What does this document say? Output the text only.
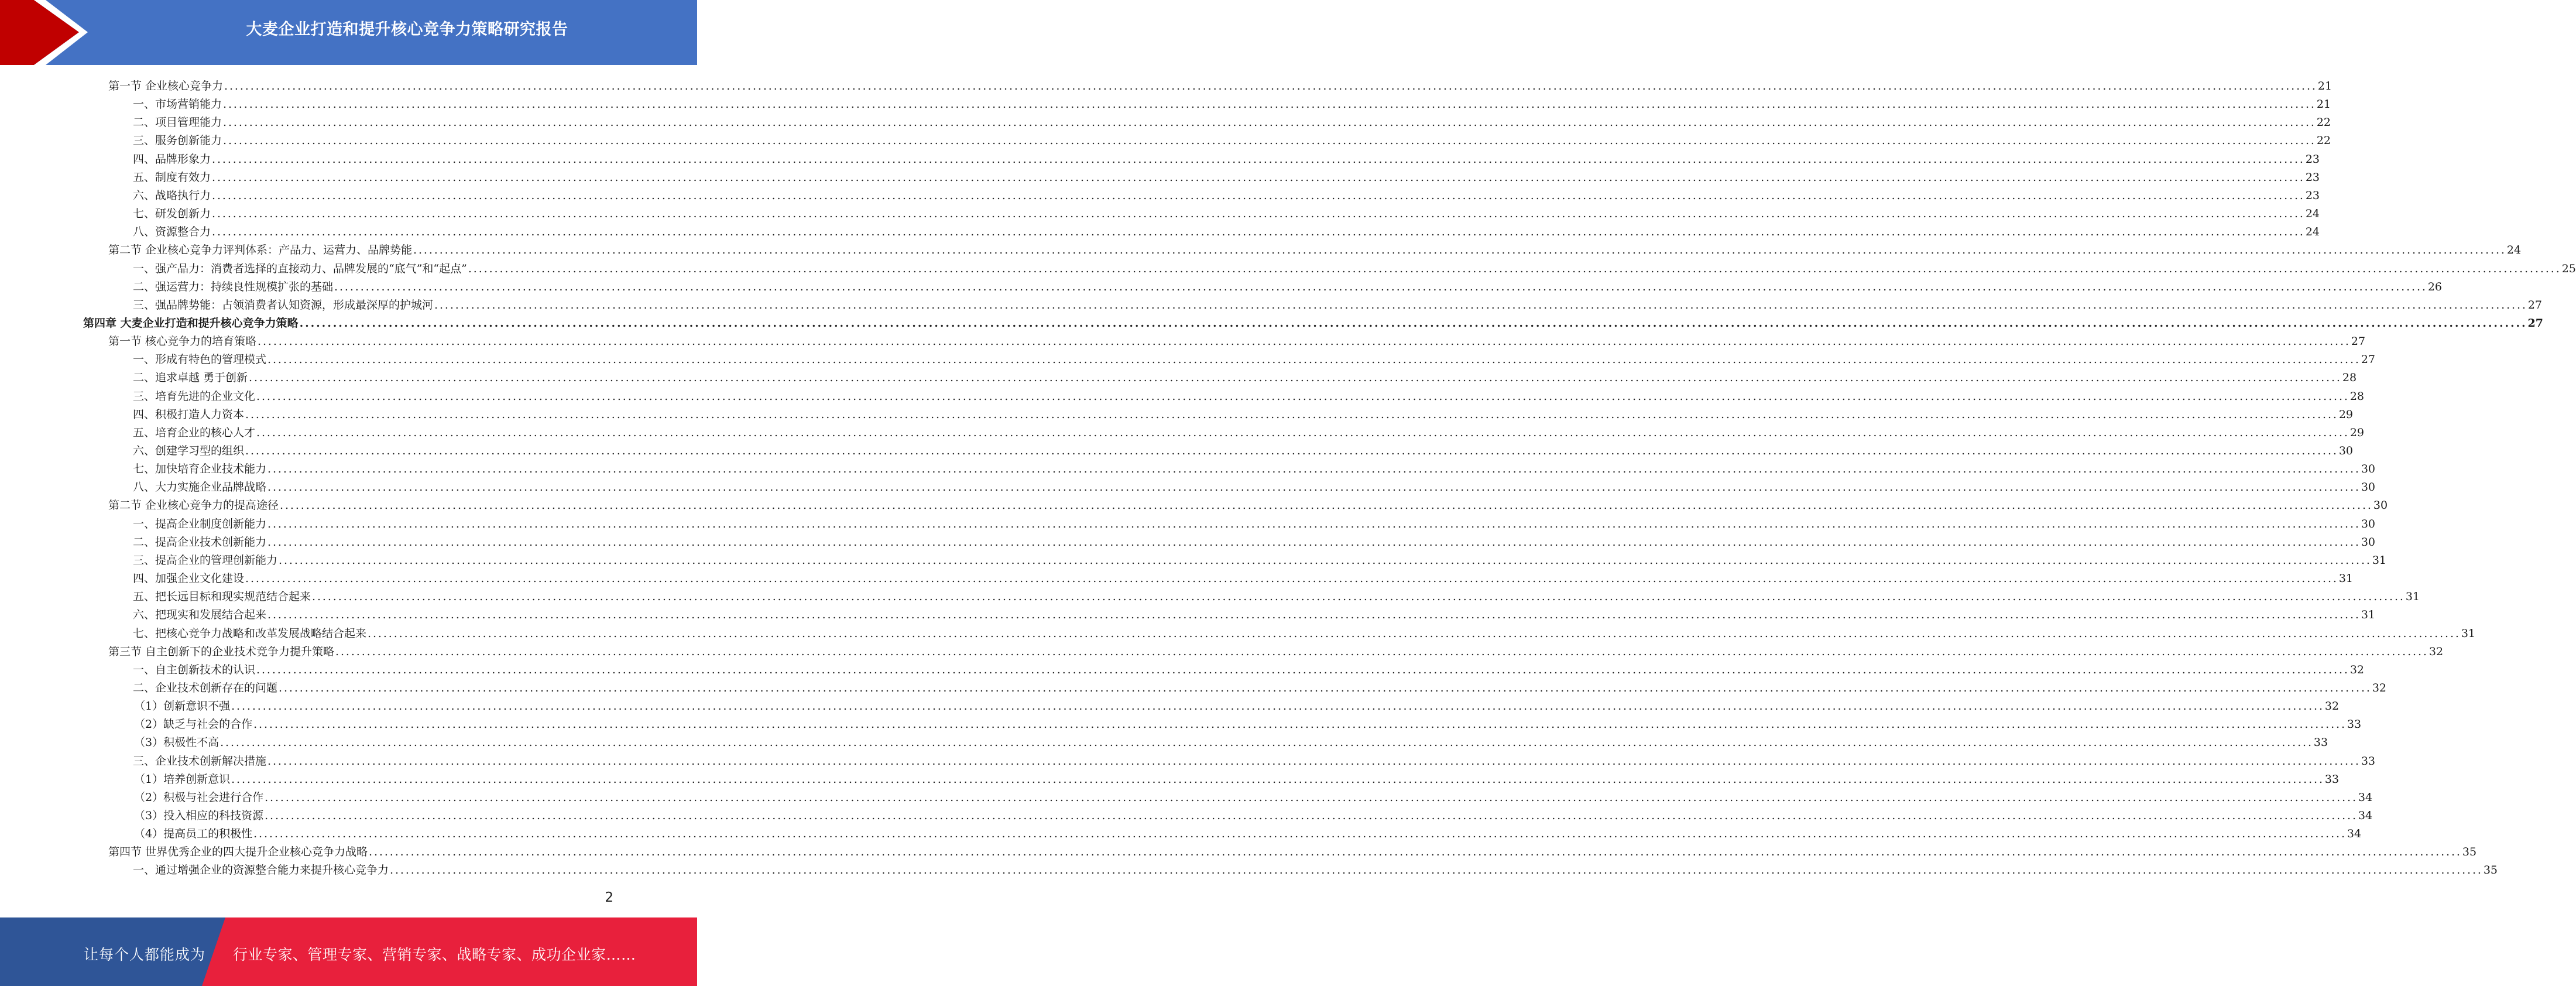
大麦企业打造和提升核心竞争力策略研究报告
第一节 企业核心竞争力 ................................................................................................................................................................................................................................................................................................................................................................................................................ 21
一、市场营销能力 ................................................................................................................................................................................................................................................................................................................................................................................................................ 21
二、项目管理能力 ................................................................................................................................................................................................................................................................................................................................................................................................................ 22
三、服务创新能力 ................................................................................................................................................................................................................................................................................................................................................................................................................ 22
四、品牌形象力 ................................................................................................................................................................................................................................................................................................................................................................................................................ 23
五、制度有效力 ................................................................................................................................................................................................................................................................................................................................................................................................................ 23
六、战略执行力 ................................................................................................................................................................................................................................................................................................................................................................................................................ 23
七、研发创新力 ................................................................................................................................................................................................................................................................................................................................................................................................................ 24
八、资源整合力 ................................................................................................................................................................................................................................................................................................................................................................................................................ 24
第二节 企业核心竞争力评判体系：产品力、运营力、品牌势能 ................................................................................................................................................................................................................................................................................................................................................................................................................ 24
一、强产品力：消费者选择的直接动力、品牌发展的“底气”和“起点” ................................................................................................................................................................................................................................................................................................................................................................................................................ 25
二、强运营力：持续良性规模扩张的基础 ................................................................................................................................................................................................................................................................................................................................................................................................................ 26
三、强品牌势能：占领消费者认知资源，形成最深厚的护城河 ................................................................................................................................................................................................................................................................................................................................................................................................................ 27
第四章 大麦企业打造和提升核心竞争力策略 ................................................................................................................................................................................................................................................................................................................................................................................................................ 27
第一节 核心竞争力的培育策略 ................................................................................................................................................................................................................................................................................................................................................................................................................ 27
一、形成有特色的管理模式 ................................................................................................................................................................................................................................................................................................................................................................................................................ 27
二、追求卓越 勇于创新 ................................................................................................................................................................................................................................................................................................................................................................................................................ 28
三、培育先进的企业文化 ................................................................................................................................................................................................................................................................................................................................................................................................................ 28
四、积极打造人力资本 ................................................................................................................................................................................................................................................................................................................................................................................................................ 29
五、培育企业的核心人才 ................................................................................................................................................................................................................................................................................................................................................................................................................ 29
六、创建学习型的组织 ................................................................................................................................................................................................................................................................................................................................................................................................................ 30
七、加快培育企业技术能力 ................................................................................................................................................................................................................................................................................................................................................................................................................ 30
八、大力实施企业品牌战略 ................................................................................................................................................................................................................................................................................................................................................................................................................ 30
第二节 企业核心竞争力的提高途径 ................................................................................................................................................................................................................................................................................................................................................................................................................ 30
一、提高企业制度创新能力 ................................................................................................................................................................................................................................................................................................................................................................................................................ 30
二、提高企业技术创新能力 ................................................................................................................................................................................................................................................................................................................................................................................................................ 30
三、提高企业的管理创新能力 ................................................................................................................................................................................................................................................................................................................................................................................................................ 31
四、加强企业文化建设 ................................................................................................................................................................................................................................................................................................................................................................................................................ 31
五、把长远目标和现实规范结合起来 ................................................................................................................................................................................................................................................................................................................................................................................................................ 31
六、把现实和发展结合起来 ................................................................................................................................................................................................................................................................................................................................................................................................................ 31
七、把核心竞争力战略和改革发展战略结合起来 ................................................................................................................................................................................................................................................................................................................................................................................................................ 31
第三节 自主创新下的企业技术竞争力提升策略 ................................................................................................................................................................................................................................................................................................................................................................................................................ 32
一、自主创新技术的认识 ................................................................................................................................................................................................................................................................................................................................................................................................................ 32
二、企业技术创新存在的问题 ................................................................................................................................................................................................................................................................................................................................................................................................................ 32
（1）创新意识不强 ................................................................................................................................................................................................................................................................................................................................................................................................................ 32
（2）缺乏与社会的合作 ................................................................................................................................................................................................................................................................................................................................................................................................................ 33
（3）积极性不高 ................................................................................................................................................................................................................................................................................................................................................................................................................ 33
三、企业技术创新解决措施 ................................................................................................................................................................................................................................................................................................................................................................................................................ 33
（1）培养创新意识 ................................................................................................................................................................................................................................................................................................................................................................................................................ 33
（2）积极与社会进行合作 ................................................................................................................................................................................................................................................................................................................................................................................................................ 34
（3）投入相应的科技资源 ................................................................................................................................................................................................................................................................................................................................................................................................................ 34
（4）提高员工的积极性 ................................................................................................................................................................................................................................................................................................................................................................................................................ 34
第四节 世界优秀企业的四大提升企业核心竞争力战略 ................................................................................................................................................................................................................................................................................................................................................................................................................ 35
一、通过增强企业的资源整合能力来提升核心竞争力 ................................................................................................................................................................................................................................................................................................................................................................................................................ 35
2
让每个人都能成为 行业专家、管理专家、营销专家、战略专家、成功企业家……
